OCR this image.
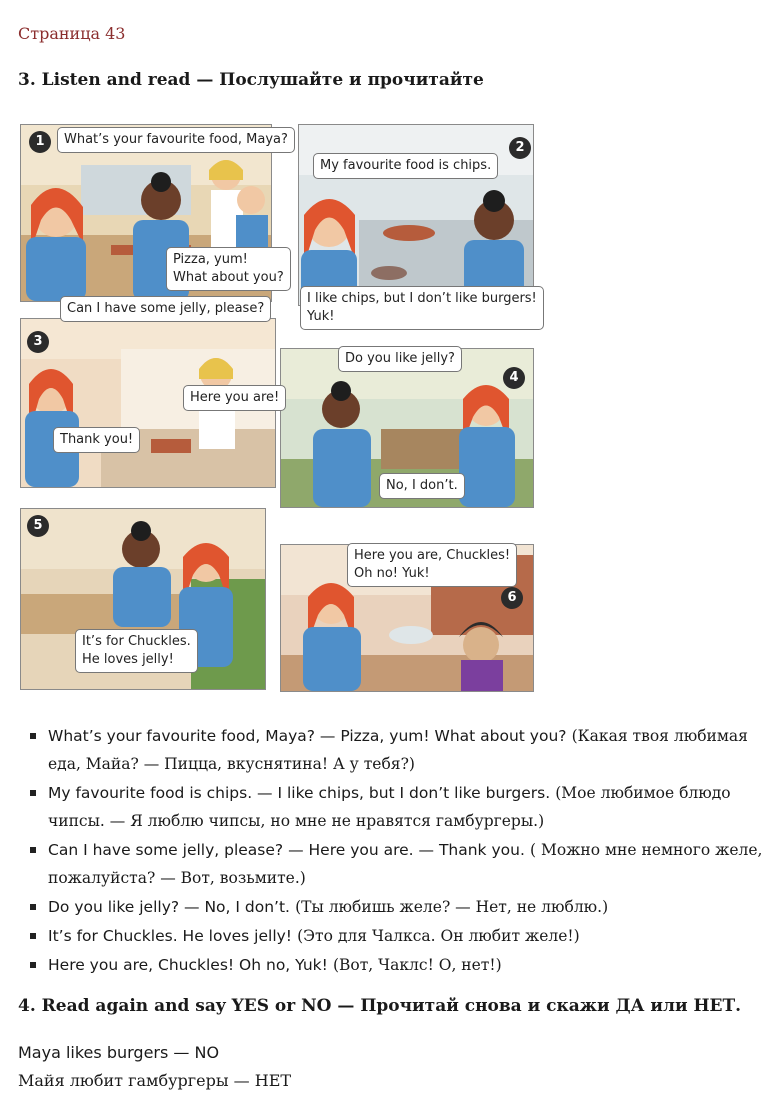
Страница 43
3. Listen and read — Послушайте и прочитайте
1	What’s your favourite food, Maya?
Pizza, yum!
What about you?
2
My favourite food is chips.
I like chips, but I don’t like burgers!
Yuk!
3
Here you are!
Thank you!
Can I have some jelly, please?
4
No, I don’t.
Do you like jelly?
5
It’s for Chuckles.
He loves jelly!
6
Here you are, Chuckles!
Oh no! Yuk!
What’s your favourite food, Maya? — Pizza, yum! What about you? (Какая твоя любимая еда, Майа? — Пицца, вкуснятина! А у тебя?)
My favourite food is chips. — I like chips, but I don’t like burgers. (Мое любимое блюдо чипсы. — Я люблю чипсы, но мне не нравятся гамбургеры.)
Can I have some jelly, please? — Here you are. — Thank you. ( Можно мне немного желе, пожалуйста? — Вот, возьмите.)
Do you like jelly? — No, I don’t. (Ты любишь желе? — Нет, не люблю.)
It’s for Chuckles. He loves jelly! (Это для Чалкса. Он любит желе!)
Here you are, Chuckles! Oh no, Yuk! (Вот, Чаклс! О, нет!)
4. Read again and say YES or NO — Прочитай снова и скажи ДА или НЕТ.
Maya likes burgers — NO
Майя любит гамбургеры — НЕТ
